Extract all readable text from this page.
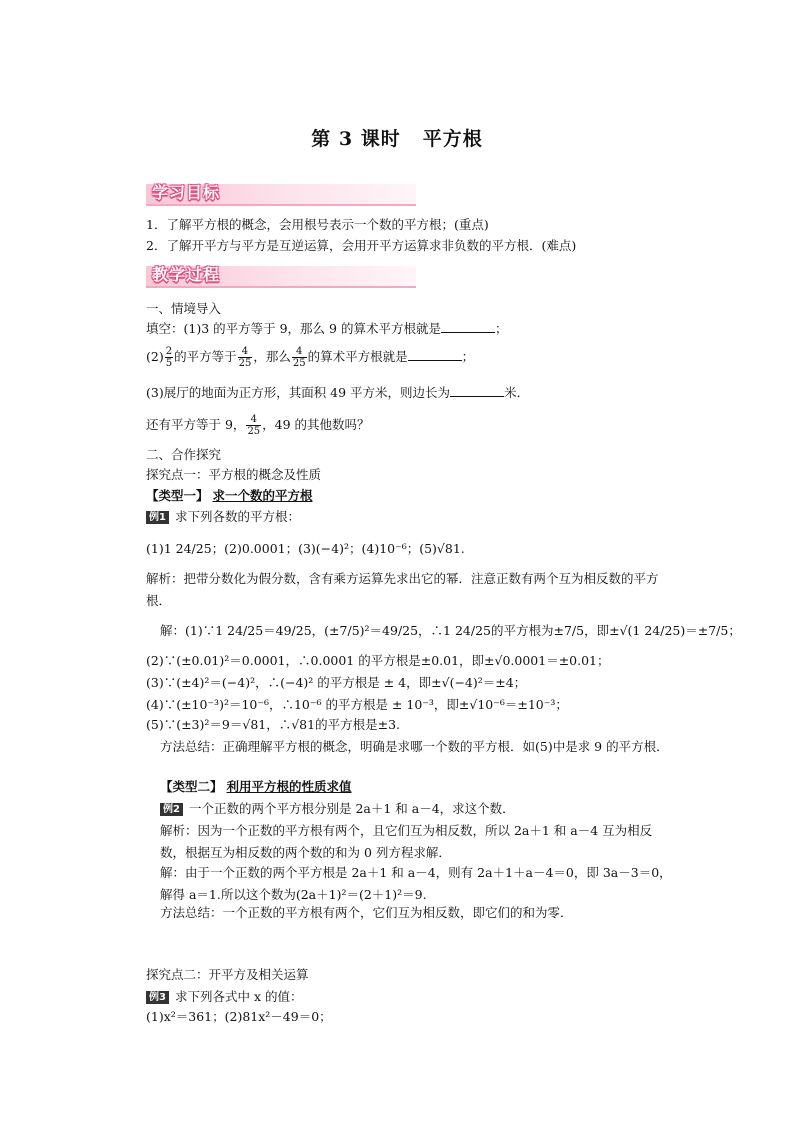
第 3 课时 平方根
学习目标
1．了解平方根的概念，会用根号表示一个数的平方根；(重点)
2．了解开平方与平方是互逆运算，会用开平方运算求非负数的平方根．(难点)
教学过程
一、情境导入
填空：(1)3 的平方等于 9，那么 9 的算术平方根就是	；
$(2) \frac{2}{5}$ 的平方等于 $\frac{4}{25}$ ，那么 $\frac{4}{25}$ 的算术平方根就是	；
(3)展厅的地面为正方形，其面积 49 平方米，则边长为	米．
还有平方等于 9， $\frac{4}{25}$ ，49 的其他数吗？
二、合作探究
探究点一：平方根的概念及性质
【类型一】 求一个数的平方根
例1 求下列各数的平方根：
(1)1 24/25；(2)0.0001；(3)(−4)²；(4)10⁻⁶；(5)√81.
解析：把带分数化为假分数，含有乘方运算先求出它的幂．注意正数有两个互为相反数的平方根．
解：(1)∵1 24/25＝49/25，(±7/5)²＝49/25，∴1 24/25的平方根为±7/5，即±√(1 24/25)＝±7/5；
(2)∵(±0.01)²＝0.0001，∴0.0001 的平方根是±0.01，即±√0.0001＝±0.01；
(3)∵(±4)²＝(−4)²，∴(−4)² 的平方根是 ± 4，即±√(−4)²＝±4；
(4)∵(±10⁻³)²＝10⁻⁶，∴10⁻⁶ 的平方根是 ± 10⁻³，即±√10⁻⁶＝±10⁻³；
(5)∵(±3)²＝9＝√81，∴√81的平方根是±3.
方法总结：正确理解平方根的概念，明确是求哪一个数的平方根．如(5)中是求 9 的平方根．
【类型二】 利用平方根的性质求值
例2 一个正数的两个平方根分别是 2a＋1 和 a－4，求这个数．
解析：因为一个正数的平方根有两个，且它们互为相反数，所以 2a＋1 和 a－4 互为相反数，根据互为相反数的两个数的和为 0 列方程求解．
解：由于一个正数的两个平方根是 2a＋1 和 a－4，则有 2a＋1＋a－4＝0，即 3a－3＝0，解得 a＝1.所以这个数为(2a＋1)²＝(2＋1)²＝9.
方法总结：一个正数的平方根有两个，它们互为相反数，即它们的和为零．
探究点二：开平方及相关运算
例3 求下列各式中 x 的值：
(1)x²＝361；(2)81x²－49＝0；
